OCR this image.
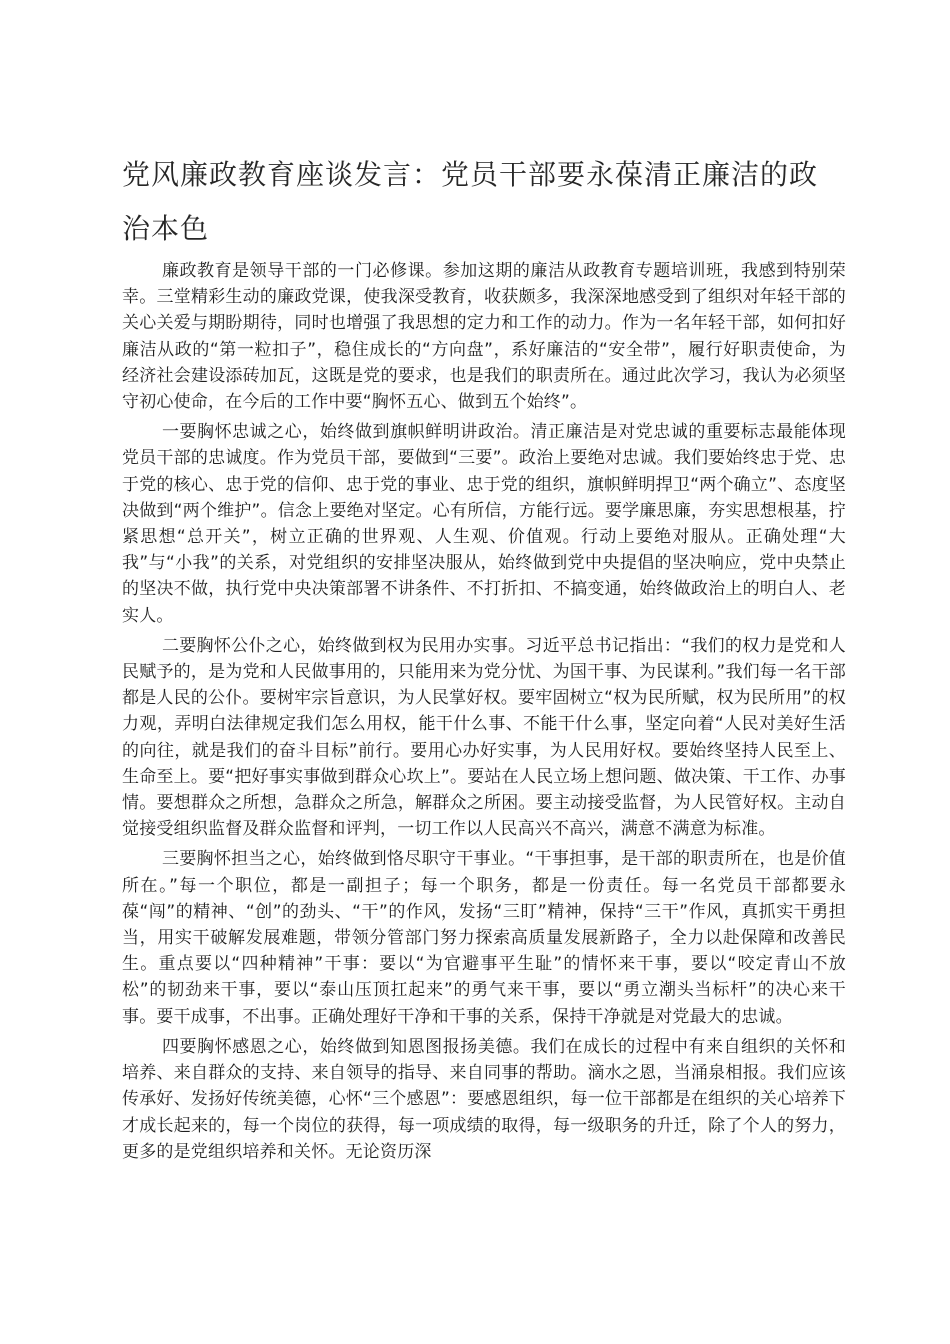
党风廉政教育座谈发言：党员干部要永葆清正廉洁的政治本色

廉政教育是领导干部的一门必修课。参加这期的廉洁从政教育专题培训班，我感到特别荣幸。三堂精彩生动的廉政党课，使我深受教育，收获颇多，我深深地感受到了组织对年轻干部的关心关爱与期盼期待，同时也增强了我思想的定力和工作的动力。作为一名年轻干部，如何扣好廉洁从政的“第一粒扣子”，稳住成长的“方向盘”，系好廉洁的“安全带”，履行好职责使命，为经济社会建设添砖加瓦，这既是党的要求，也是我们的职责所在。通过此次学习，我认为必须坚守初心使命，在今后的工作中要“胸怀五心、做到五个始终”。

一要胸怀忠诚之心，始终做到旗帜鲜明讲政治。清正廉洁是对党忠诚的重要标志最能体现党员干部的忠诚度。作为党员干部，要做到“三要”。政治上要绝对忠诚。我们要始终忠于党、忠于党的核心、忠于党的信仰、忠于党的事业、忠于党的组织，旗帜鲜明捍卫“两个确立”、态度坚决做到“两个维护”。信念上要绝对坚定。心有所信，方能行远。要学廉思廉，夯实思想根基，拧紧思想“总开关”，树立正确的世界观、人生观、价值观。行动上要绝对服从。正确处理“大我”与“小我”的关系，对党组织的安排坚决服从，始终做到党中央提倡的坚决响应，党中央禁止的坚决不做，执行党中央决策部署不讲条件、不打折扣、不搞变通，始终做政治上的明白人、老实人。

二要胸怀公仆之心，始终做到权为民用办实事。习近平总书记指出：“我们的权力是党和人民赋予的，是为党和人民做事用的，只能用来为党分忧、为国干事、为民谋利。”我们每一名干部都是人民的公仆。要树牢宗旨意识，为人民掌好权。要牢固树立“权为民所赋，权为民所用”的权力观，弄明白法律规定我们怎么用权，能干什么事、不能干什么事，坚定向着“人民对美好生活的向往，就是我们的奋斗目标”前行。要用心办好实事，为人民用好权。要始终坚持人民至上、生命至上。要“把好事实事做到群众心坎上”。要站在人民立场上想问题、做决策、干工作、办事情。要想群众之所想，急群众之所急，解群众之所困。要主动接受监督，为人民管好权。主动自觉接受组织监督及群众监督和评判，一切工作以人民高兴不高兴，满意不满意为标准。

三要胸怀担当之心，始终做到恪尽职守干事业。“干事担事，是干部的职责所在，也是价值所在。”每一个职位，都是一副担子；每一个职务，都是一份责任。每一名党员干部都要永葆“闯”的精神、“创”的劲头、“干”的作风，发扬“三盯”精神，保持“三干”作风，真抓实干勇担当，用实干破解发展难题，带领分管部门努力探索高质量发展新路子，全力以赴保障和改善民生。重点要以“四种精神”干事：要以“为官避事平生耻”的情怀来干事，要以“咬定青山不放松”的韧劲来干事，要以“泰山压顶扛起来”的勇气来干事，要以“勇立潮头当标杆”的决心来干事。要干成事，不出事。正确处理好干净和干事的关系，保持干净就是对党最大的忠诚。

四要胸怀感恩之心，始终做到知恩图报扬美德。我们在成长的过程中有来自组织的关怀和培养、来自群众的支持、来自领导的指导、来自同事的帮助。滴水之恩，当涌泉相报。我们应该传承好、发扬好传统美德，心怀“三个感恩”：要感恩组织，每一位干部都是在组织的关心培养下才成长起来的，每一个岗位的获得，每一项成绩的取得，每一级职务的升迁，除了个人的努力，更多的是党组织培养和关怀。无论资历深
